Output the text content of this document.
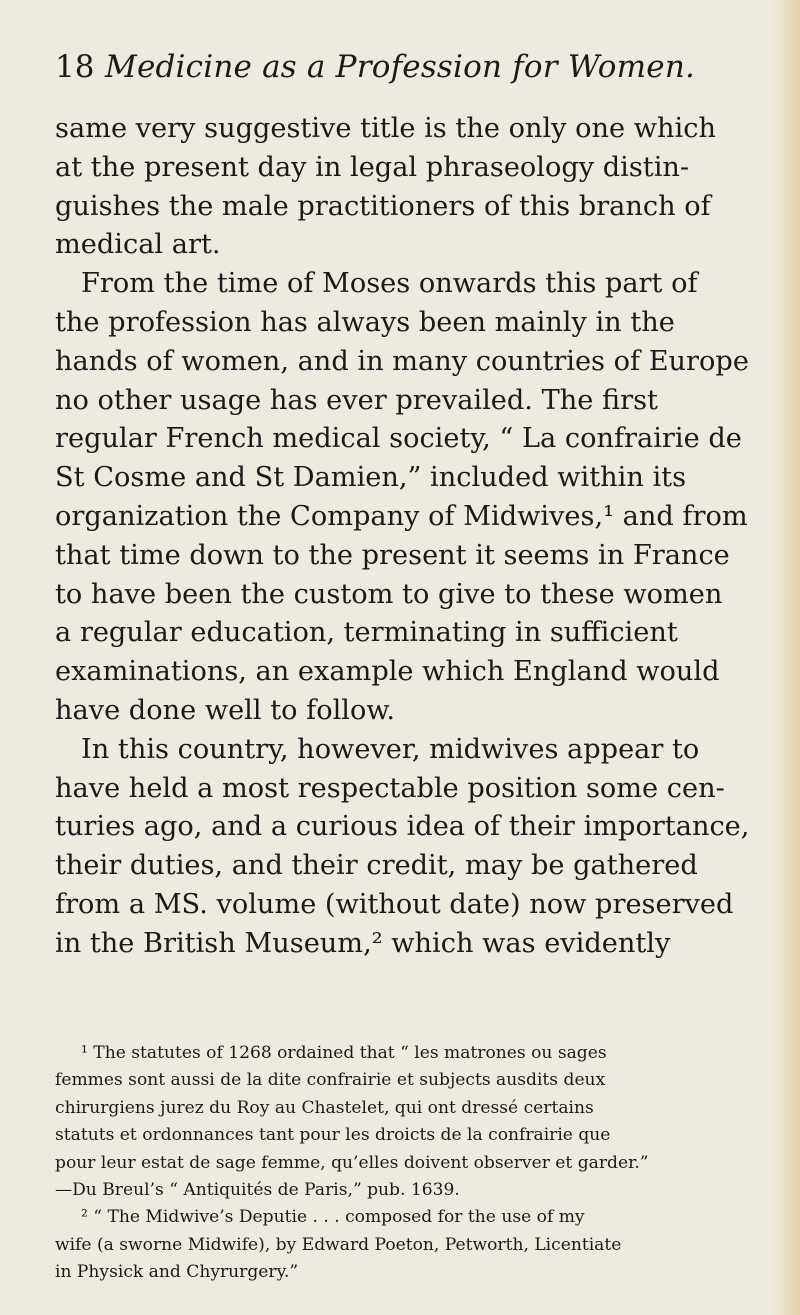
18 Medicine as a Profession for Women.
same very suggestive title is the only one which
at the present day in legal phraseology distin-
guishes the male practitioners of this branch of
medical art.
From the time of Moses onwards this part of
the profession has always been mainly in the
hands of women, and in many countries of Europe
no other usage has ever prevailed. The first
regular French medical society, “ La confrairie de
St Cosme and St Damien,” included within its
organization the Company of Midwives,¹ and from
that time down to the present it seems in France
to have been the custom to give to these women
a regular education, terminating in sufficient
examinations, an example which England would
have done well to follow.
In this country, however, midwives appear to
have held a most respectable position some cen-
turies ago, and a curious idea of their importance,
their duties, and their credit, may be gathered
from a MS. volume (without date) now preserved
in the British Museum,² which was evidently
¹ The statutes of 1268 ordained that “ les matrones ou sages
femmes sont aussi de la dite confrairie et subjects ausdits deux
chirurgiens jurez du Roy au Chastelet, qui ont dressé certains
statuts et ordonnances tant pour les droicts de la confrairie que
pour leur estat de sage femme, qu’elles doivent observer et garder.”
—Du Breul’s “ Antiquités de Paris,” pub. 1639.
² “ The Midwive’s Deputie . . . composed for the use of my
wife (a sworne Midwife), by Edward Poeton, Petworth, Licentiate
in Physick and Chyrurgery.”
